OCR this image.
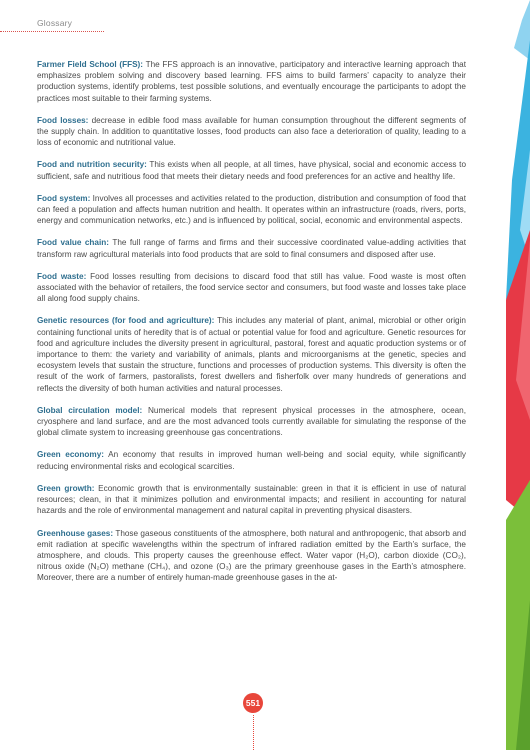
Glossary

Farmer Field School (FFS): The FFS approach is an innovative, participatory and interactive learning approach that emphasizes problem solving and discovery based learning. FFS aims to build farmers’ capacity to analyze their production systems, identify problems, test possible solutions, and eventually encourage the participants to adopt the practices most suitable to their farming systems.

Food losses: decrease in edible food mass available for human consumption throughout the different segments of the supply chain. In addition to quantitative losses, food products can also face a deterioration of quality, leading to a loss of economic and nutritional value.

Food and nutrition security: This exists when all people, at all times, have physical, social and economic access to sufficient, safe and nutritious food that meets their dietary needs and food preferences for an active and healthy life.

Food system: Involves all processes and activities related to the production, distribution and consumption of food that can feed a population and affects human nutrition and health. It operates within an infrastructure (roads, rivers, ports, energy and communication networks, etc.) and is influenced by political, social, economic and environmental aspects.

Food value chain: The full range of farms and firms and their successive coordinated value-adding activities that transform raw agricultural materials into food products that are sold to final consumers and disposed after use.

Food waste: Food losses resulting from decisions to discard food that still has value. Food waste is most often associated with the behavior of retailers, the food service sector and consumers, but food waste and losses take place all along food supply chains.

Genetic resources (for food and agriculture): This includes any material of plant, animal, microbial or other origin containing functional units of heredity that is of actual or potential value for food and agriculture. Genetic resources for food and agriculture includes the diversity present in agricultural, pastoral, forest and aquatic production systems or of importance to them: the variety and variability of animals, plants and microorganisms at the genetic, species and ecosystem levels that sustain the structure, functions and processes of production systems. This diversity is often the result of the work of farmers, pastoralists, forest dwellers and fisherfolk over many hundreds of generations and reflects the diversity of both human activities and natural processes.

Global circulation model: Numerical models that represent physical processes in the atmosphere, ocean, cryosphere and land surface, and are the most advanced tools currently available for simulating the response of the global climate system to increasing greenhouse gas concentrations.

Green economy: An economy that results in improved human well-being and social equity, while significantly reducing environmental risks and ecological scarcities.

Green growth: Economic growth that is environmentally sustainable: green in that it is efficient in use of natural resources; clean, in that it minimizes pollution and environmental impacts; and resilient in accounting for natural hazards and the role of environmental management and natural capital in preventing physical disasters.

Greenhouse gases: Those gaseous constituents of the atmosphere, both natural and anthropogenic, that absorb and emit radiation at specific wavelengths within the spectrum of infrared radiation emitted by the Earth’s surface, the atmosphere, and clouds. This property causes the greenhouse effect. Water vapor (H₂O), carbon dioxide (CO₂), nitrous oxide (N₂O) methane (CH₄), and ozone (O₃) are the primary greenhouse gases in the Earth’s atmosphere. Moreover, there are a number of entirely human-made greenhouse gases in the at-

551
